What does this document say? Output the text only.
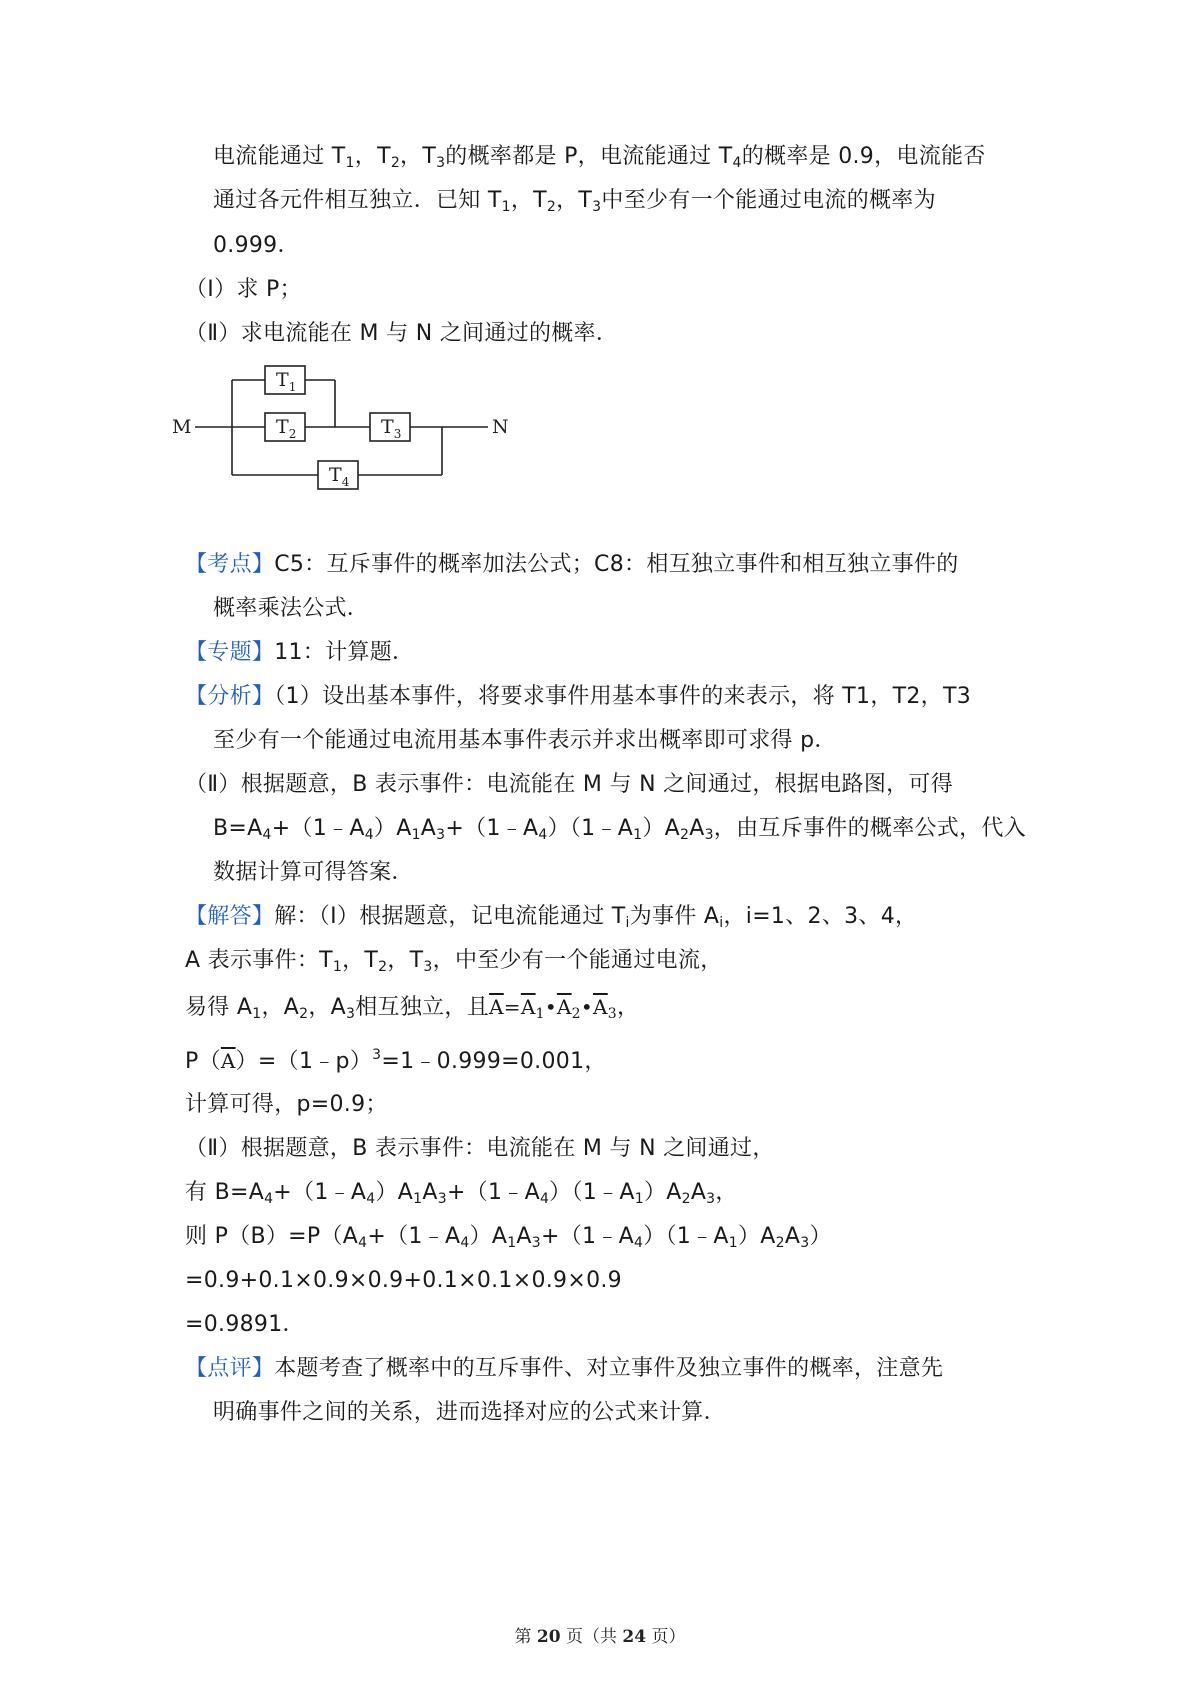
电流能通过 $T_1$，$T_2$，$T_3$的概率都是 P，电流能通过 $T_4$的概率是 0.9，电流能否
通过各元件相互独立．已知 $T_1$，$T_2$，$T_3$中至少有一个能通过电流的概率为
0.999．
（Ⅰ）求 P；
（Ⅱ）求电流能在 M 与 N 之间通过的概率．
M	N
$T_1$
$T_2$	$T_3$
$T_4$
【考点】C5：互斥事件的概率加法公式；C8：相互独立事件和相互独立事件的
概率乘法公式．
【专题】11：计算题．
【分析】（1）设出基本事件，将要求事件用基本事件的来表示，将 T1，T2，T3
至少有一个能通过电流用基本事件表示并求出概率即可求得 p．
（Ⅱ）根据题意，B 表示事件：电流能在 M 与 N 之间通过，根据电路图，可得
$B=A_4+(1﹣A_4)A_1A_3+(1﹣A_4)(1﹣A_1)A_2A_3$，由互斥事件的概率公式，代入
数据计算可得答案．
【解答】解：（Ⅰ）根据题意，记电流能通过 $T_i$为事件 $A_i$，i=1、2、3、4，
A 表示事件：$T_1$，$T_2$，$T_3$，中至少有一个能通过电流，
易得 $A_1$，$A_2$，$A_3$相互独立，且$\overline{A}=\overline{A}_1•\overline{A}_2•\overline{A}_3$，
$P(\overline{A})=(1﹣p)^3=1﹣0.999=0.001$，
计算可得，p=0.9；
（Ⅱ）根据题意，B 表示事件：电流能在 M 与 N 之间通过，
有 $B=A_4+(1﹣A_4)A_1A_3+(1﹣A_4)(1﹣A_1)A_2A_3$，
则 $P(B)=P(A_4+(1﹣A_4)A_1A_3+(1﹣A_4)(1﹣A_1)A_2A_3)$
=0.9+0.1×0.9×0.9+0.1×0.1×0.9×0.9
=0.9891．
【点评】本题考查了概率中的互斥事件、对立事件及独立事件的概率，注意先
明确事件之间的关系，进而选择对应的公式来计算．
第 20 页（共 24 页）
